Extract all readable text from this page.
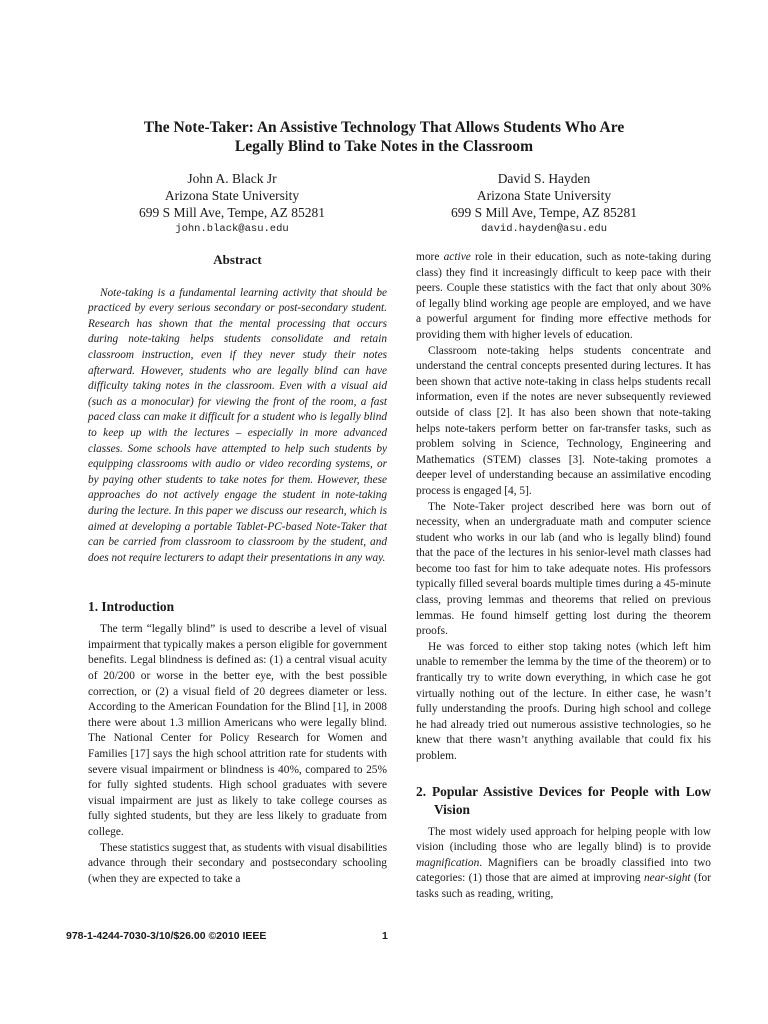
The Note-Taker: An Assistive Technology That Allows Students Who Are
Legally Blind to Take Notes in the Classroom
John A. Black Jr
Arizona State University
699 S Mill Ave, Tempe, AZ 85281
john.black@asu.edu
David S. Hayden
Arizona State University
699 S Mill Ave, Tempe, AZ 85281
david.hayden@asu.edu
Abstract

Note-taking is a fundamental learning activity that should be practiced by every serious secondary or post-secondary student. Research has shown that the mental processing that occurs during note-taking helps students consolidate and retain classroom instruction, even if they never study their notes afterward. However, students who are legally blind can have difficulty taking notes in the classroom. Even with a visual aid (such as a monocular) for viewing the front of the room, a fast paced class can make it difficult for a student who is legally blind to keep up with the lectures – especially in more advanced classes. Some schools have attempted to help such students by equipping classrooms with audio or video recording systems, or by paying other students to take notes for them. However, these approaches do not actively engage the student in note-taking during the lecture. In this paper we discuss our research, which is aimed at developing a portable Tablet-PC-based Note-Taker that can be carried from classroom to classroom by the student, and does not require lecturers to adapt their presentations in any way.

1. Introduction

The term “legally blind” is used to describe a level of visual impairment that typically makes a person eligible for government benefits. Legal blindness is defined as: (1) a central visual acuity of 20/200 or worse in the better eye, with the best possible correction, or (2) a visual field of 20 degrees diameter or less. According to the American Foundation for the Blind [1], in 2008 there were about 1.3 million Americans who were legally blind. The National Center for Policy Research for Women and Families [17] says the high school attrition rate for students with severe visual impairment or blindness is 40%, compared to 25% for fully sighted students. High school graduates with severe visual impairment are just as likely to take college courses as fully sighted students, but they are less likely to graduate from college.

These statistics suggest that, as students with visual disabilities advance through their secondary and postsecondary schooling (when they are expected to take a

more active role in their education, such as note-taking during class) they find it increasingly difficult to keep pace with their peers. Couple these statistics with the fact that only about 30% of legally blind working age people are employed, and we have a powerful argument for finding more effective methods for providing them with higher levels of education.

Classroom note-taking helps students concentrate and understand the central concepts presented during lectures. It has been shown that active note-taking in class helps students recall information, even if the notes are never subsequently reviewed outside of class [2]. It has also been shown that note-taking helps note-takers perform better on far-transfer tasks, such as problem solving in Science, Technology, Engineering and Mathematics (STEM) classes [3]. Note-taking promotes a deeper level of understanding because an assimilative encoding process is engaged [4, 5].

The Note-Taker project described here was born out of necessity, when an undergraduate math and computer science student who works in our lab (and who is legally blind) found that the pace of the lectures in his senior-level math classes had become too fast for him to take adequate notes. His professors typically filled several boards multiple times during a 45-minute class, proving lemmas and theorems that relied on previous lemmas. He found himself getting lost during the theorem proofs.

He was forced to either stop taking notes (which left him unable to remember the lemma by the time of the theorem) or to frantically try to write down everything, in which case he got virtually nothing out of the lecture. In either case, he wasn’t fully understanding the proofs. During high school and college he had already tried out numerous assistive technologies, so he knew that there wasn’t anything available that could fix his problem.

2. Popular Assistive Devices for People with Low Vision

The most widely used approach for helping people with low vision (including those who are legally blind) is to provide magnification. Magnifiers can be broadly classified into two categories: (1) those that are aimed at improving near-sight (for tasks such as reading, writing,

978-1-4244-7030-3/10/$26.00 ©2010 IEEE	1
